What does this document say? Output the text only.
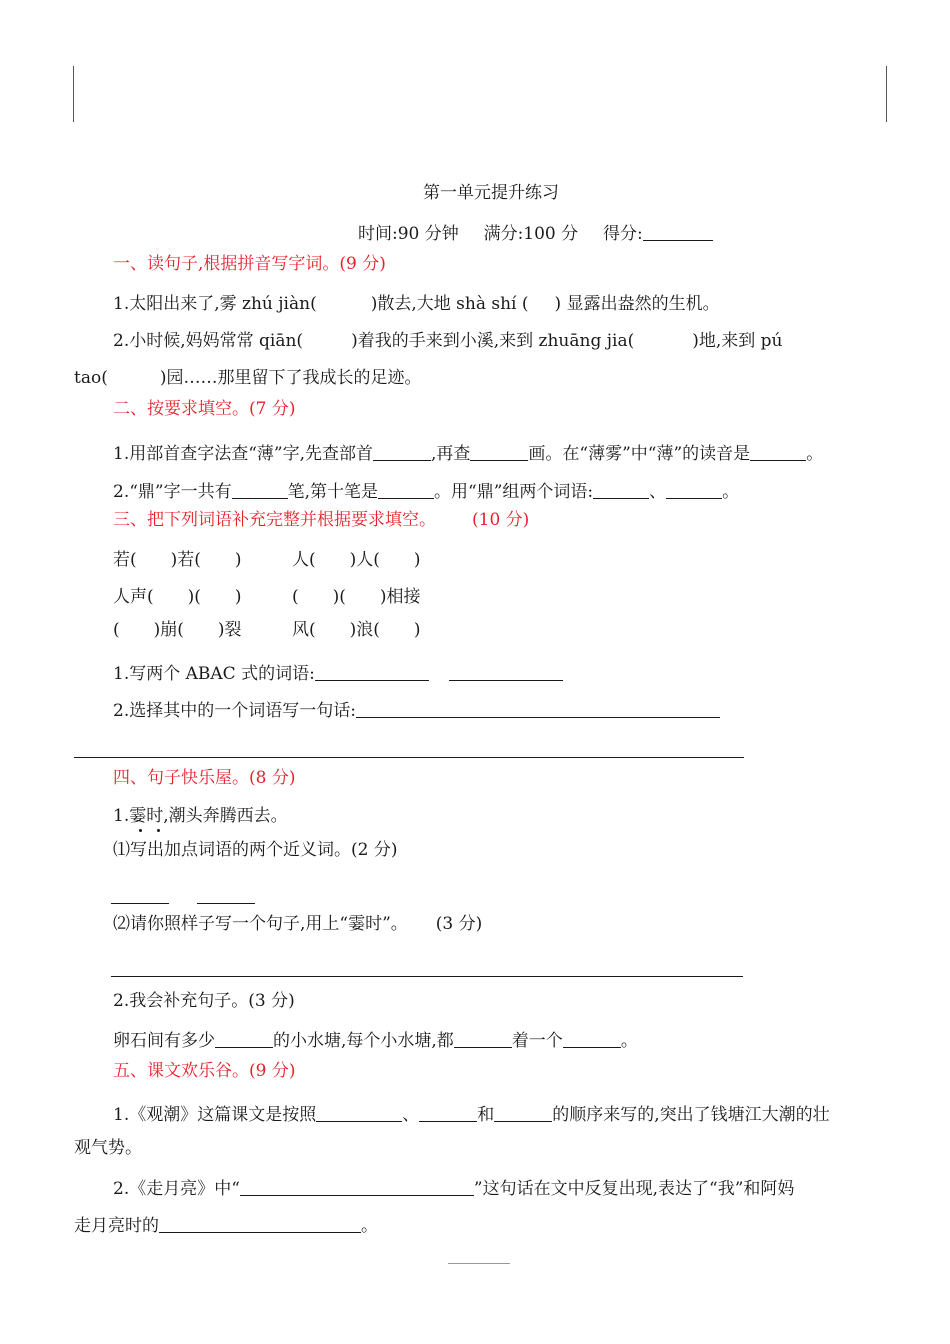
第一单元提升练习
时间:90 分钟 满分:100 分 得分:
一、读句子,根据拼音写字词。(9 分)
1.太阳出来了,雾 zhú jiàn(	)散去,大地 shà shí ( ) 显露出盎然的生机。
2.小时候,妈妈常常 qiān(	)着我的手来到小溪,来到 zhuāng jia(	)地,来到 pú
tao(	)园……那里留下了我成长的足迹。
二、按要求填空。(7 分)
1.用部首查字法查“薄”字,先查部首	,再查	画。在“薄雾”中“薄”的读音是	。
2.“鼎”字一共有	笔,第十笔是	。用“鼎”组两个词语:	、	。
三、把下列词语补充完整并根据要求填空。 (10 分)
若(　　)若(　　)	人(　　)人(　　)
人声(　　)(　　)	(　　)(　　)相接
(　　)崩(　　)裂	风(　　)浪(　　)
1.写两个 ABAC 式的词语:
2.选择其中的一个词语写一句话:
四、句子快乐屋。(8 分)
1.霎时,潮头奔腾西去。
⑴写出加点词语的两个近义词。(2 分)
⑵请你照样子写一个句子,用上“霎时”。 (3 分)
2.我会补充句子。(3 分)
卵石间有多少	的小水塘,每个小水塘,都	着一个	。
五、课文欢乐谷。(9 分)
1.《观潮》这篇课文是按照	、	和	的顺序来写的,突出了钱塘江大潮的壮
观气势。
2.《走月亮》中“	”这句话在文中反复出现,表达了“我”和阿妈
走月亮时的	。
